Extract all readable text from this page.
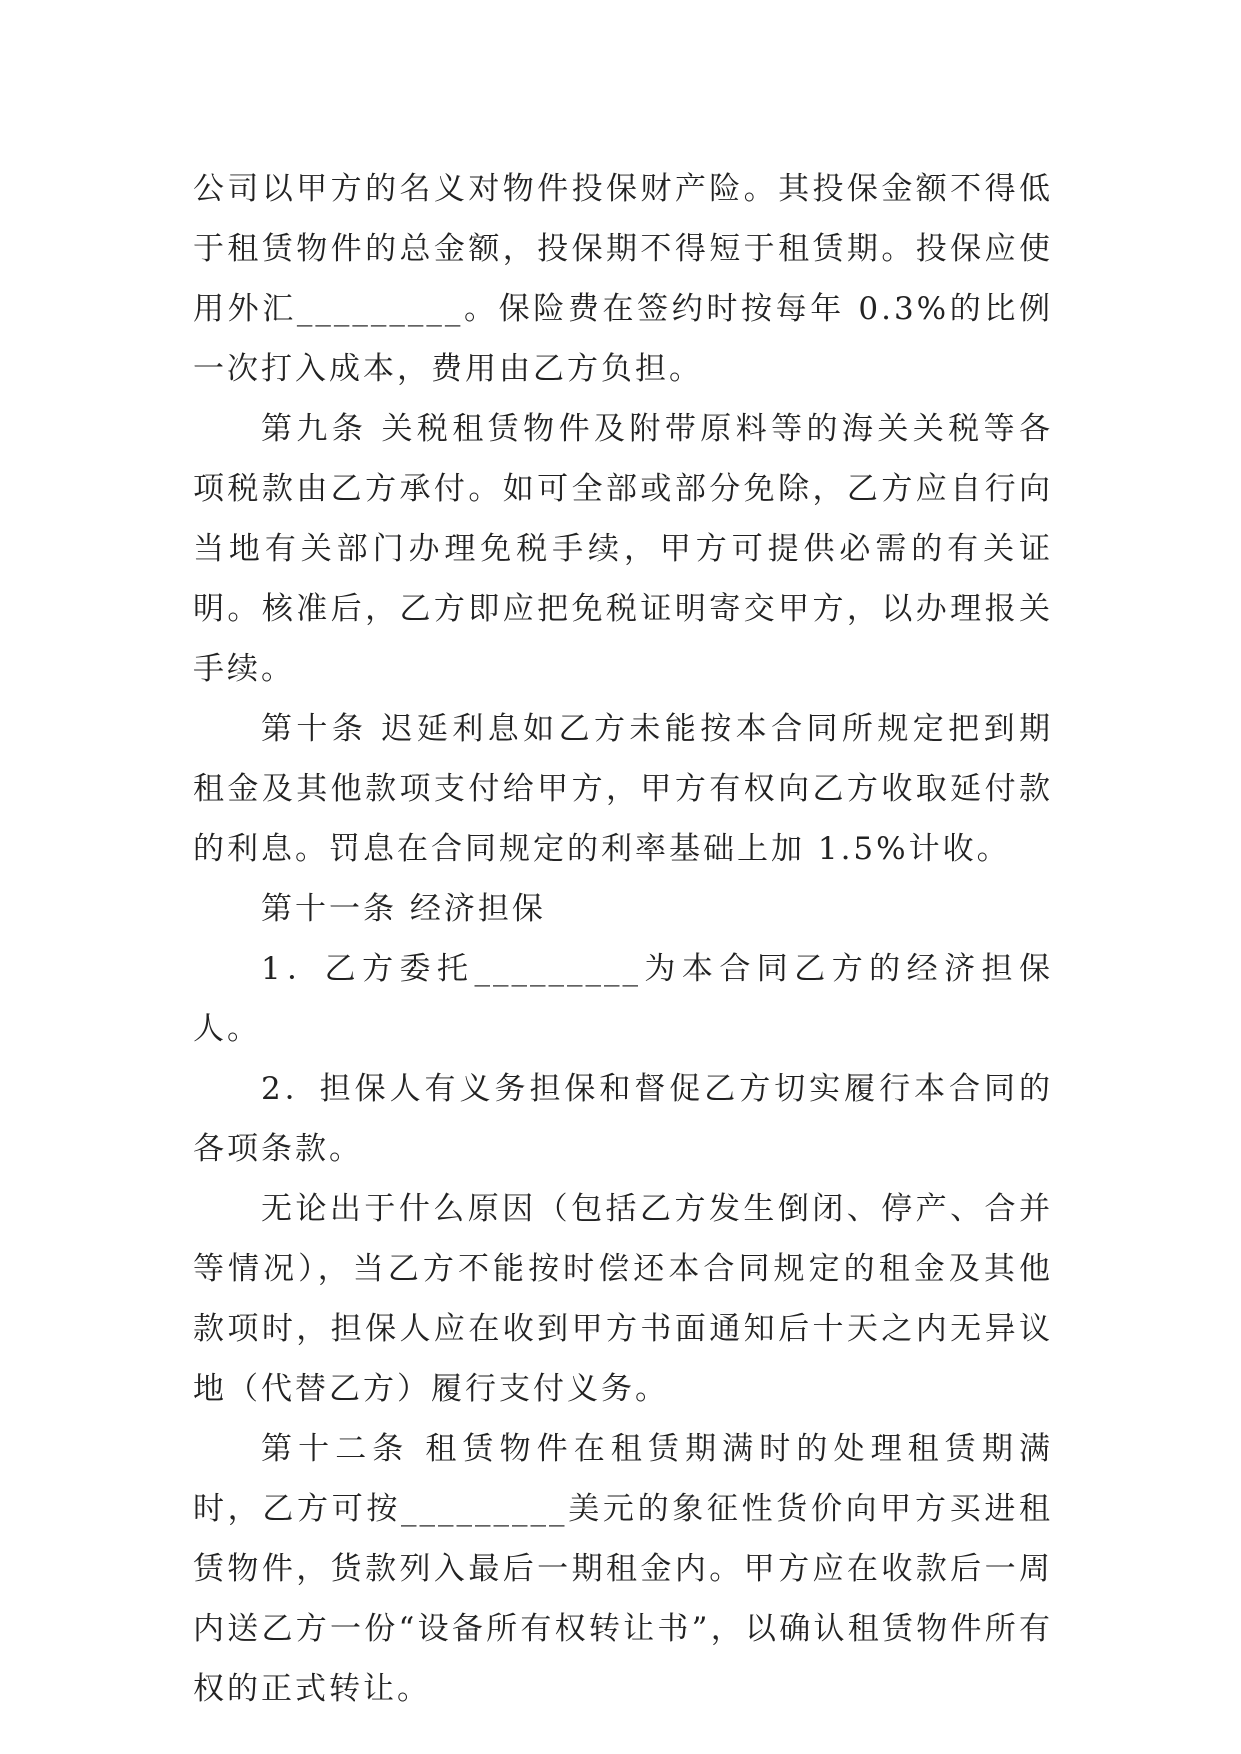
公司以甲方的名义对物件投保财产险。其投保金额不得低于租赁物件的总金额，投保期不得短于租赁期。投保应使用外汇_________。保险费在签约时按每年 0.3%的比例一次打入成本，费用由乙方负担。

第九条 关税租赁物件及附带原料等的海关关税等各项税款由乙方承付。如可全部或部分免除，乙方应自行向当地有关部门办理免税手续，甲方可提供必需的有关证明。核准后，乙方即应把免税证明寄交甲方，以办理报关手续。

第十条 迟延利息如乙方未能按本合同所规定把到期租金及其他款项支付给甲方，甲方有权向乙方收取延付款的利息。罚息在合同规定的利率基础上加 1.5%计收。

第十一条 经济担保

1．乙方委托_________为本合同乙方的经济担保人。

2．担保人有义务担保和督促乙方切实履行本合同的各项条款。

无论出于什么原因（包括乙方发生倒闭、停产、合并等情况），当乙方不能按时偿还本合同规定的租金及其他款项时，担保人应在收到甲方书面通知后十天之内无异议地（代替乙方）履行支付义务。

第十二条 租赁物件在租赁期满时的处理租赁期满时，乙方可按_________美元的象征性货价向甲方买进租赁物件，货款列入最后一期租金内。甲方应在收款后一周内送乙方一份“设备所有权转让书”，以确认租赁物件所有权的正式转让。
